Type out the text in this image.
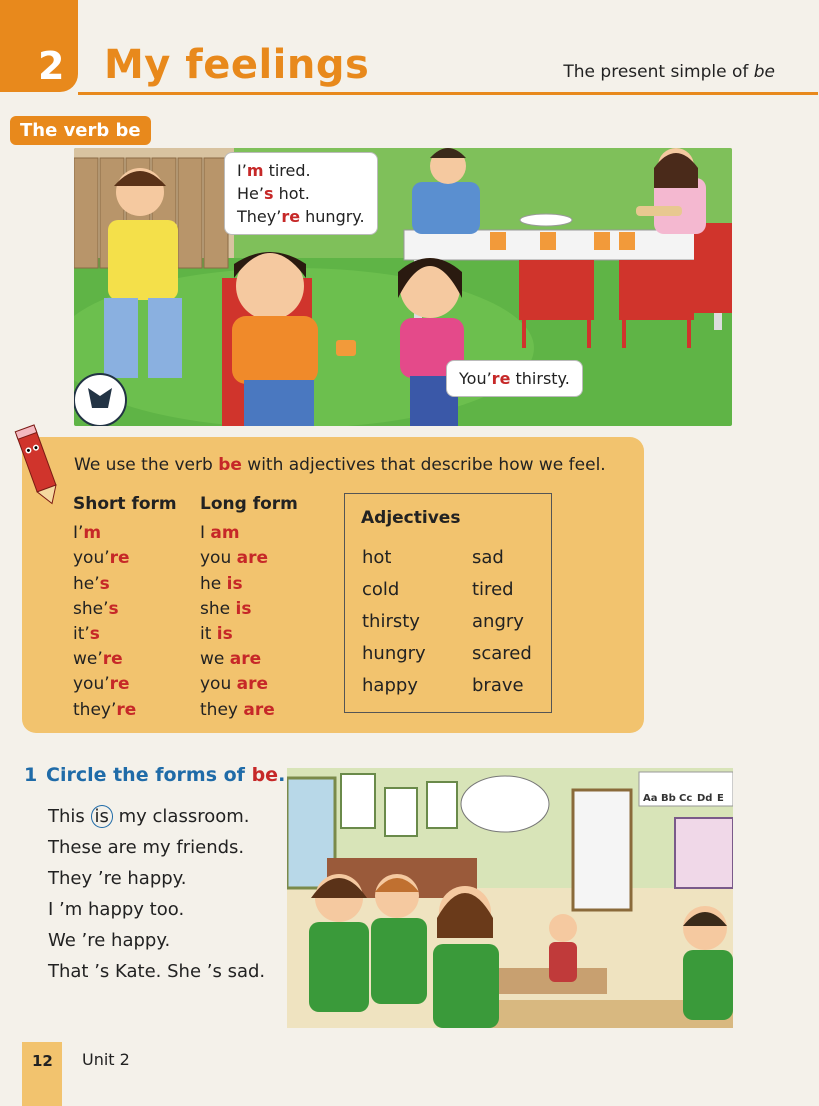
2 My feelings	The present simple of be
The verb be
I’m tired.
He’s hot.
They’re hungry.
You’re thirsty.
We use the verb be with adjectives that describe how we feel.
Short form
I’m
you’re
he’s
she’s
it’s
we’re
you’re
they’re
Long form
I am
you are
he is
she is
it is
we are
you are
they are
Adjectives
hot
cold
thirsty
hungry
happy
sad
tired
angry
scared
brave
1 Circle the forms of be.
This is my classroom.
These are my friends.
They ’re happy.
I ’m happy too.
We ’re happy.
That ’s Kate. She ’s sad.
Aa Bb Cc Dd E
12 Unit 2
